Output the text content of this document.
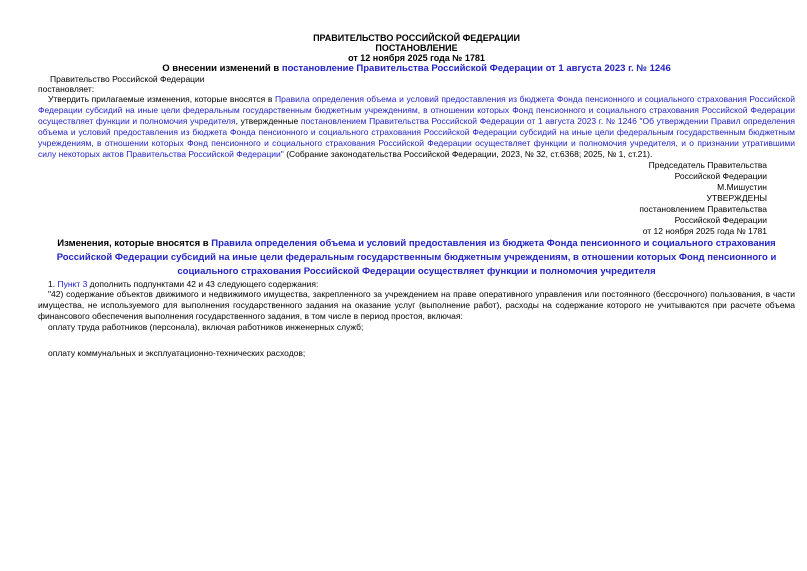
ПРАВИТЕЛЬСТВО РОССИЙСКОЙ ФЕДЕРАЦИИ
ПОСТАНОВЛЕНИЕ
от 12 ноября 2025 года № 1781
О внесении изменений в постановление Правительства Российской Федерации от 1 августа 2023 г. № 1246

Правительство Российской Федерации

постановляет:

Утвердить прилагаемые изменения, которые вносятся в Правила определения объема и условий предоставления из бюджета Фонда пенсионного и социального страхования Российской Федерации субсидий на иные цели федеральным государственным бюджетным учреждениям, в отношении которых Фонд пенсионного и социального страхования Российской Федерации осуществляет функции и полномочия учредителя, утвержденные постановлением Правительства Российской Федерации от 1 августа 2023 г. № 1246 "Об утверждении Правил определения объема и условий предоставления из бюджета Фонда пенсионного и социального страхования Российской Федерации субсидий на иные цели федеральным государственным бюджетным учреждениям, в отношении которых Фонд пенсионного и социального страхования Российской Федерации осуществляет функции и полномочия учредителя, и о признании утратившими силу некоторых актов Правительства Российской Федерации" (Собрание законодательства Российской Федерации, 2023, № 32, ст.6368; 2025, № 1, ст.21).

Председатель Правительства
Российской Федерации
М.Мишустин
УТВЕРЖДЕНЫ
постановлением Правительства
Российской Федерации
от 12 ноября 2025 года № 1781
Изменения, которые вносятся в Правила определения объема и условий предоставления из бюджета Фонда пенсионного и социального страхования Российской Федерации субсидий на иные цели федеральным государственным бюджетным учреждениям, в отношении которых Фонд пенсионного и социального страхования Российской Федерации осуществляет функции и полномочия учредителя

1. Пункт 3 дополнить подпунктами 42 и 43 следующего содержания:

"42) содержание объектов движимого и недвижимого имущества, закрепленного за учреждением на праве оперативного управления или постоянного (бессрочного) пользования, в части имущества, не используемого для выполнения государственного задания на оказание услуг (выполнение работ), расходы на содержание которого не учитываются при расчете объема финансового обеспечения выполнения государственного задания, в том числе в период простоя, включая:

оплату труда работников (персонала), включая работников инженерных служб;

оплату коммунальных и эксплуатационно-технических расходов;
